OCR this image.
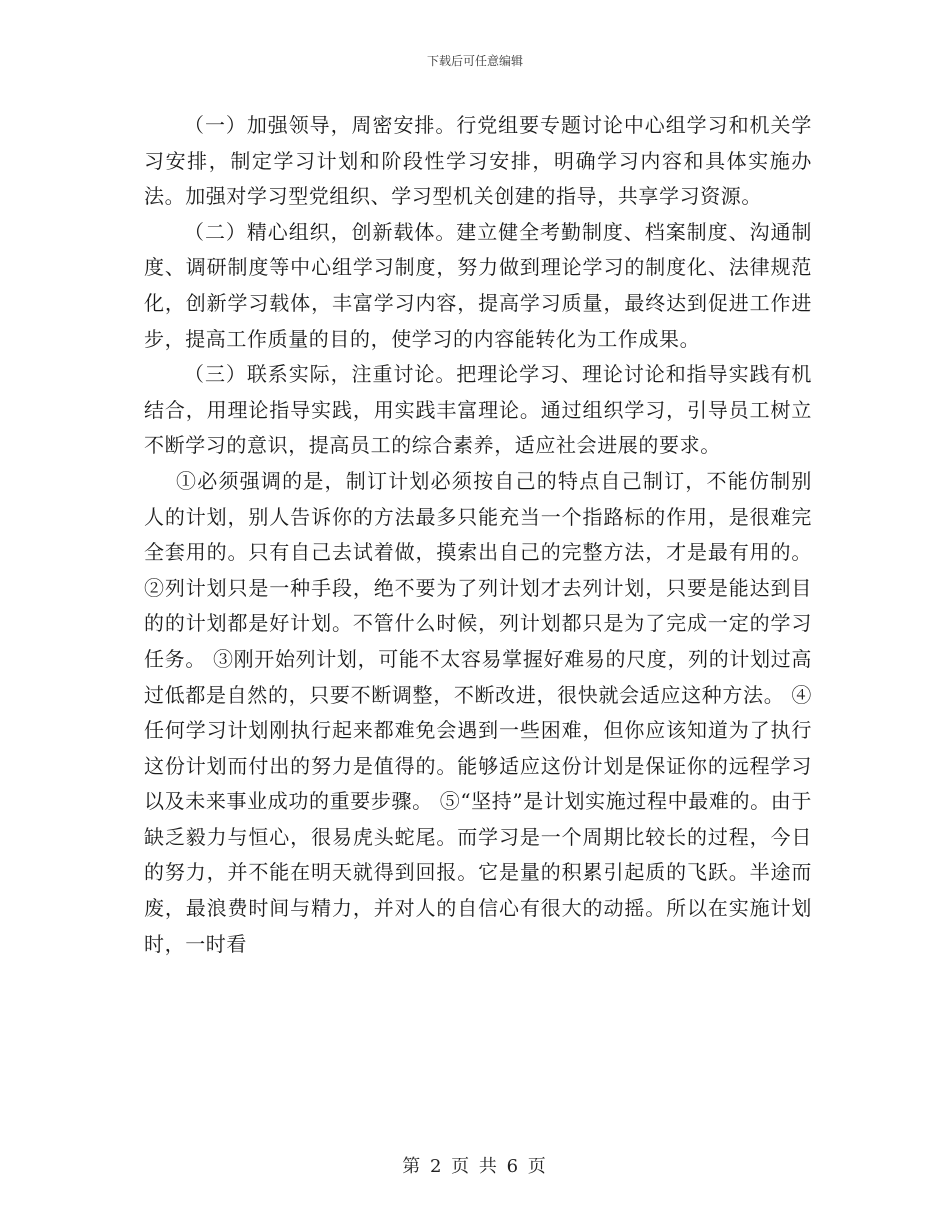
下载后可任意编辑

（一）加强领导，周密安排。行党组要专题讨论中心组学习和机关学习安排，制定学习计划和阶段性学习安排，明确学习内容和具体实施办法。加强对学习型党组织、学习型机关创建的指导，共享学习资源。

（二）精心组织，创新载体。建立健全考勤制度、档案制度、沟通制度、调研制度等中心组学习制度，努力做到理论学习的制度化、法律规范化，创新学习载体，丰富学习内容，提高学习质量，最终达到促进工作进步，提高工作质量的目的，使学习的内容能转化为工作成果。

（三）联系实际，注重讨论。把理论学习、理论讨论和指导实践有机结合，用理论指导实践，用实践丰富理论。通过组织学习，引导员工树立不断学习的意识，提高员工的综合素养，适应社会进展的要求。

①必须强调的是，制订计划必须按自己的特点自己制订，不能仿制别人的计划，别人告诉你的方法最多只能充当一个指路标的作用，是很难完全套用的。只有自己去试着做，摸索出自己的完整方法，才是最有用的。 ②列计划只是一种手段，绝不要为了列计划才去列计划，只要是能达到目的的计划都是好计划。不管什么时候，列计划都只是为了完成一定的学习任务。 ③刚开始列计划，可能不太容易掌握好难易的尺度，列的计划过高过低都是自然的，只要不断调整，不断改进，很快就会适应这种方法。 ④任何学习计划刚执行起来都难免会遇到一些困难，但你应该知道为了执行这份计划而付出的努力是值得的。能够适应这份计划是保证你的远程学习以及未来事业成功的重要步骤。 ⑤“坚持”是计划实施过程中最难的。由于缺乏毅力与恒心，很易虎头蛇尾。而学习是一个周期比较长的过程，今日的努力，并不能在明天就得到回报。它是量的积累引起质的飞跃。半途而废，最浪费时间与精力，并对人的自信心有很大的动摇。所以在实施计划时，一时看

第 2 页 共 6 页
